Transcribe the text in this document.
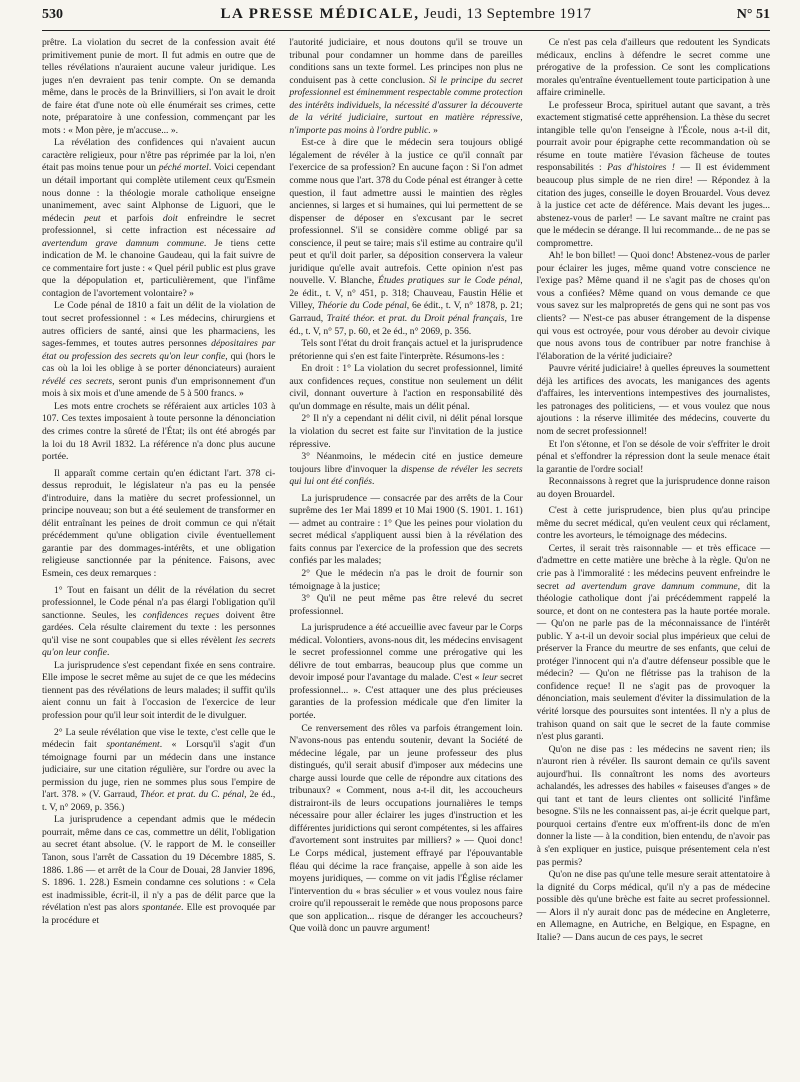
530	LA PRESSE MÉDICALE, Jeudi, 13 Septembre 1917	N° 51

prêtre. La violation du secret de la confession avait été primitivement punie de mort. Il fut admis en outre que de telles révélations n'auraient aucune valeur juridique. Les juges n'en devraient pas tenir compte. On se demanda même, dans le procès de la Brinvilliers, si l'on avait le droit de faire état d'une note où elle énumérait ses crimes, cette note, préparatoire à une confession, commençant par les mots : « Mon père, je m'accuse... ».

La révélation des confidences qui n'avaient aucun caractère religieux, pour n'être pas réprimée par la loi, n'en était pas moins tenue pour un péché mortel. Voici cependant un détail important qui complète utilement ceux qu'Esmein nous donne : la théologie morale catholique enseigne unanimement, avec saint Alphonse de Liguori, que le médecin peut et parfois doit enfreindre le secret professionnel, si cette infraction est nécessaire ad avertendum grave damnum commune. Je tiens cette indication de M. le chanoine Gaudeau, qui la fait suivre de ce commentaire fort juste : « Quel péril public est plus grave que la dépopulation et, particulièrement, que l'infâme contagion de l'avortement volontaire? »

Le Code pénal de 1810 a fait un délit de la violation de tout secret professionnel : « Les médecins, chirurgiens et autres officiers de santé, ainsi que les pharmaciens, les sages-femmes, et toutes autres personnes dépositaires par état ou profession des secrets qu'on leur confie, qui (hors le cas où la loi les oblige à se porter dénonciateurs) auraient révélé ces secrets, seront punis d'un emprisonnement d'un mois à six mois et d'une amende de 5 à 500 francs. »

Les mots entre crochets se référaient aux articles 103 à 107. Ces textes imposaient à toute personne la dénonciation des crimes contre la sûreté de l'État; ils ont été abrogés par la loi du 18 Avril 1832. La référence n'a donc plus aucune portée.

Il apparaît comme certain qu'en édictant l'art. 378 ci-dessus reproduit, le législateur n'a pas eu la pensée d'introduire, dans la matière du secret professionnel, un principe nouveau; son but a été seulement de transformer en délit entraînant les peines de droit commun ce qui n'était précédemment qu'une obligation civile éventuellement garantie par des dommages-intérêts, et une obligation religieuse sanctionnée par la pénitence. Faisons, avec Esmein, ces deux remarques :

1° Tout en faisant un délit de la révélation du secret professionnel, le Code pénal n'a pas élargi l'obligation qu'il sanctionne. Seules, les confidences reçues doivent être gardées. Cela résulte clairement du texte : les personnes qu'il vise ne sont coupables que si elles révèlent les secrets qu'on leur confie.

La jurisprudence s'est cependant fixée en sens contraire. Elle impose le secret même au sujet de ce que les médecins tiennent pas des révélations de leurs malades; il suffit qu'ils aient connu un fait à l'occasion de l'exercice de leur profession pour qu'il leur soit interdit de le divulguer.

2° La seule révélation que vise le texte, c'est celle que le médecin fait spontanément. « Lorsqu'il s'agit d'un témoignage fourni par un médecin dans une instance judiciaire, sur une citation régulière, sur l'ordre ou avec la permission du juge, rien ne sommes plus sous l'empire de l'art. 378. » (V. Garraud, Théor. et prat. du C. pénal, 2e éd., t. V, n° 2069, p. 356.)

La jurisprudence a cependant admis que le médecin pourrait, même dans ce cas, commettre un délit, l'obligation au secret étant absolue. (V. le rapport de M. le conseiller Tanon, sous l'arrêt de Cassation du 19 Décembre 1885, S. 1886. 1.86 — et arrêt de la Cour de Douai, 28 Janvier 1896, S. 1896. 1. 228.) Esmein condamne ces solutions : « Cela est inadmissible, écrit-il, il n'y a pas de délit parce que la révélation n'est pas alors spontanée. Elle est provoquée par la procédure et

l'autorité judiciaire, et nous doutons qu'il se trouve un tribunal pour condamner un homme dans de pareilles conditions sans un texte formel. Les principes non plus ne conduisent pas à cette conclusion. Si le principe du secret professionnel est éminemment respectable comme protection des intérêts individuels, la nécessité d'assurer la découverte de la vérité judiciaire, surtout en matière répressive, n'importe pas moins à l'ordre public. »

Est-ce à dire que le médecin sera toujours obligé légalement de révéler à la justice ce qu'il connaît par l'exercice de sa profession? En aucune façon : Si l'on admet comme nous que l'art. 378 du Code pénal est étranger à cette question, il faut admettre aussi le maintien des règles anciennes, si larges et si humaines, qui lui permettent de se dispenser de déposer en s'excusant par le secret professionnel. S'il se considère comme obligé par sa conscience, il peut se taire; mais s'il estime au contraire qu'il peut et qu'il doit parler, sa déposition conservera la valeur juridique qu'elle avait autrefois. Cette opinion n'est pas nouvelle. V. Blanche, Études pratiques sur le Code pénal, 2e édit., t. V, n° 451, p. 318; Chauveau, Faustin Hélie et Villey, Théorie du Code pénal, 6e édit., t. V, n° 1878, p. 21; Garraud, Traité théor. et prat. du Droit pénal français, 1re éd., t. V, n° 57, p. 60, et 2e éd., n° 2069, p. 356.

Tels sont l'état du droit français actuel et la jurisprudence prétorienne qui s'en est faite l'interprète. Résumons-les :

En droit : 1° La violation du secret professionnel, limité aux confidences reçues, constitue non seulement un délit civil, donnant ouverture à l'action en responsabilité dès qu'un dommage en résulte, mais un délit pénal.

2° Il n'y a cependant ni délit civil, ni délit pénal lorsque la violation du secret est faite sur l'invitation de la justice répressive.

3° Néanmoins, le médecin cité en justice demeure toujours libre d'invoquer la dispense de révéler les secrets qui lui ont été confiés.

La jurisprudence — consacrée par des arrêts de la Cour suprême des 1er Mai 1899 et 10 Mai 1900 (S. 1901. 1. 161) — admet au contraire : 1° Que les peines pour violation du secret médical s'appliquent aussi bien à la révélation des faits connus par l'exercice de la profession que des secrets confiés par les malades;

2° Que le médecin n'a pas le droit de fournir son témoignage à la justice;

3° Qu'il ne peut même pas être relevé du secret professionnel.

La jurisprudence a été accueillie avec faveur par le Corps médical. Volontiers, avons-nous dit, les médecins envisagent le secret professionnel comme une prérogative qui les délivre de tout embarras, beaucoup plus que comme un devoir imposé pour l'avantage du malade. C'est « leur secret professionnel... ». C'est attaquer une des plus précieuses garanties de la profession médicale que d'en limiter la portée.

Ce renversement des rôles va parfois étrangement loin. N'avons-nous pas entendu soutenir, devant la Société de médecine légale, par un jeune professeur des plus distingués, qu'il serait abusif d'imposer aux médecins une charge aussi lourde que celle de répondre aux citations des tribunaux? « Comment, nous a-t-il dit, les accoucheurs distrairont-ils de leurs occupations journalières le temps nécessaire pour aller éclairer les juges d'instruction et les différentes juridictions qui seront compétentes, si les affaires d'avortement sont instruites par milliers? » — Quoi donc! Le Corps médical, justement effrayé par l'épouvantable fléau qui décime la race française, appelle à son aide les moyens juridiques, — comme on vit jadis l'Église réclamer l'intervention du « bras séculier » et vous voulez nous faire croire qu'il repousserait le remède que nous proposons parce que son application... risque de déranger les accoucheurs? Que voilà donc un pauvre argument!

Ce n'est pas cela d'ailleurs que redoutent les Syndicats médicaux, enclins à défendre le secret comme une prérogative de la profession. Ce sont les complications morales qu'entraîne éventuellement toute participation à une affaire criminelle.

Le professeur Broca, spirituel autant que savant, a très exactement stigmatisé cette appréhension. La thèse du secret intangible telle qu'on l'enseigne à l'École, nous a-t-il dit, pourrait avoir pour épigraphe cette recommandation où se résume en toute matière l'évasion fâcheuse de toutes responsabilités : Pas d'histoires ! — Il est évidemment beaucoup plus simple de ne rien dire! — Répondez à la citation des juges, conseille le doyen Brouardel. Vous devez à la justice cet acte de déférence. Mais devant les juges... abstenez-vous de parler! — Le savant maître ne craint pas que le médecin se dérange. Il lui recommande... de ne pas se compromettre.

Ah! le bon billet! — Quoi donc! Abstenez-vous de parler pour éclairer les juges, même quand votre conscience ne l'exige pas? Même quand il ne s'agit pas de choses qu'on vous a confiées? Même quand on vous demande ce que vous savez sur les malpropretés de gens qui ne sont pas vos clients? — N'est-ce pas abuser étrangement de la dispense qui vous est octroyée, pour vous dérober au devoir civique que nous avons tous de contribuer par notre franchise à l'élaboration de la vérité judiciaire?

Pauvre vérité judiciaire! à quelles épreuves la soumettent déjà les artifices des avocats, les manigances des agents d'affaires, les interventions intempestives des journalistes, les patronages des politiciens, — et vous voulez que nous ajoutions : la réserve illimitée des médecins, couverte du nom de secret professionnel!

Et l'on s'étonne, et l'on se désole de voir s'effriter le droit pénal et s'effondrer la répression dont la seule menace était la garantie de l'ordre social!

Reconnaissons à regret que la jurisprudence donne raison au doyen Brouardel.

C'est à cette jurisprudence, bien plus qu'au principe même du secret médical, qu'en veulent ceux qui réclament, contre les avorteurs, le témoignage des médecins.

Certes, il serait très raisonnable — et très efficace — d'admettre en cette matière une brèche à la règle. Qu'on ne crie pas à l'immoralité : les médecins peuvent enfreindre le secret ad avertendum grave damnum commune, dit la théologie catholique dont j'ai précédemment rappelé la source, et dont on ne contestera pas la haute portée morale. — Qu'on ne parle pas de la méconnaissance de l'intérêt public. Y a-t-il un devoir social plus impérieux que celui de préserver la France du meurtre de ses enfants, que celui de protéger l'innocent qui n'a d'autre défenseur possible que le médecin? — Qu'on ne flétrisse pas la trahison de la confidence reçue! Il ne s'agit pas de provoquer la dénonciation, mais seulement d'éviter la dissimulation de la vérité lorsque des poursuites sont intentées. Il n'y a plus de trahison quand on sait que le secret de la faute commise n'est plus garanti.

Qu'on ne dise pas : les médecins ne savent rien; ils n'auront rien à révéler. Ils sauront demain ce qu'ils savent aujourd'hui. Ils connaîtront les noms des avorteurs achalandés, les adresses des habiles « faiseuses d'anges » de qui tant et tant de leurs clientes ont sollicité l'infâme besogne. S'ils ne les connaissent pas, ai-je écrit quelque part, pourquoi certains d'entre eux m'offrent-ils donc de m'en donner la liste — à la condition, bien entendu, de n'avoir pas à s'en expliquer en justice, puisque présentement cela n'est pas permis?

Qu'on ne dise pas qu'une telle mesure serait attentatoire à la dignité du Corps médical, qu'il n'y a pas de médecine possible dès qu'une brèche est faite au secret professionnel. — Alors il n'y aurait donc pas de médecine en Angleterre, en Allemagne, en Autriche, en Belgique, en Espagne, en Italie? — Dans aucun de ces pays, le secret
